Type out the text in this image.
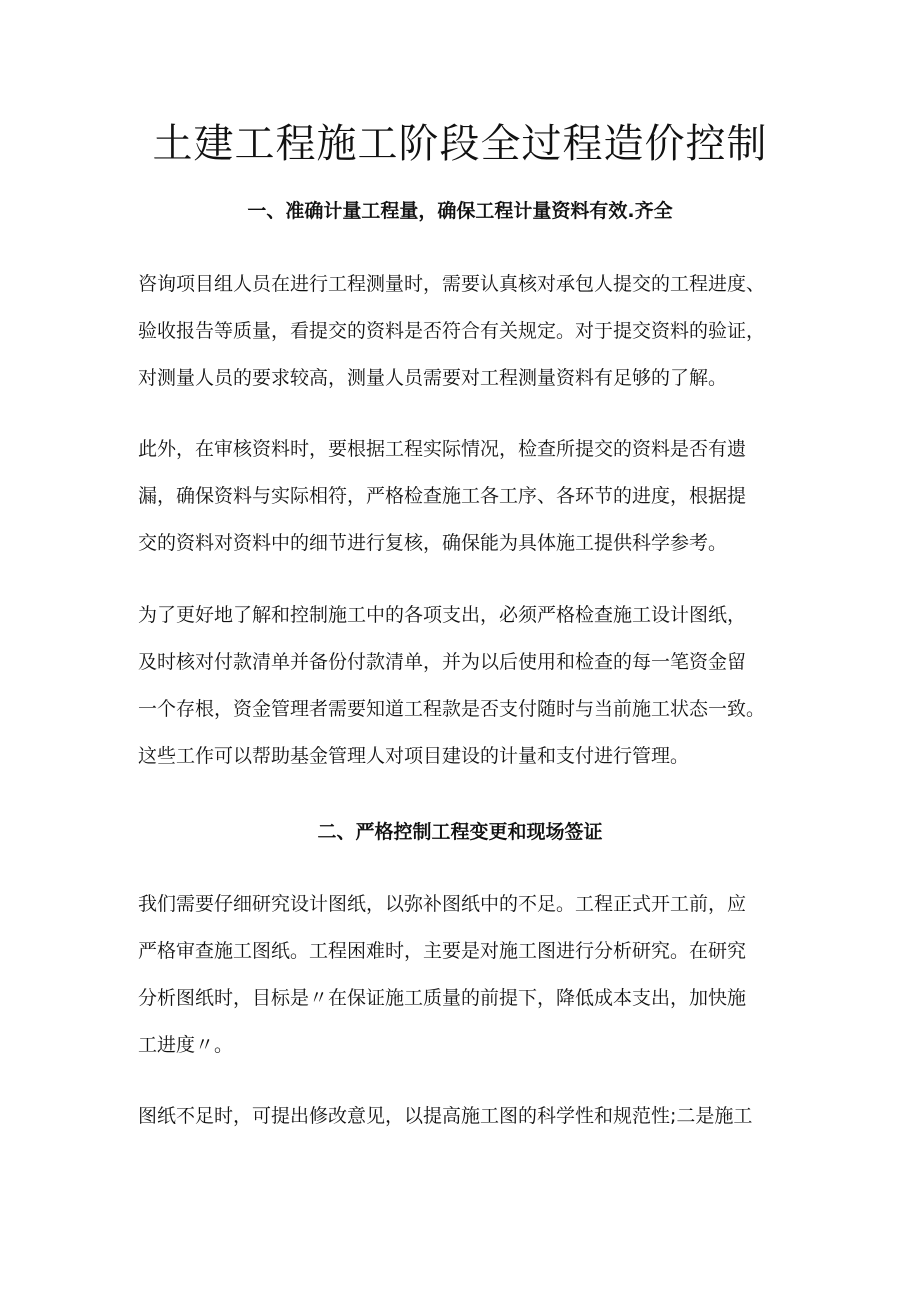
土建工程施工阶段全过程造价控制
一、准确计量工程量，确保工程计量资料有效.齐全

咨询项目组人员在进行工程测量时，需要认真核对承包人提交的工程进度、
验收报告等质量，看提交的资料是否符合有关规定。对于提交资料的验证，
对测量人员的要求较高，测量人员需要对工程测量资料有足够的了解。

此外，在审核资料时，要根据工程实际情况，检查所提交的资料是否有遗
漏，确保资料与实际相符，严格检查施工各工序、各环节的进度，根据提
交的资料对资料中的细节进行复核，确保能为具体施工提供科学参考。

为了更好地了解和控制施工中的各项支出，必须严格检查施工设计图纸，
及时核对付款清单并备份付款清单，并为以后使用和检查的每一笔资金留
一个存根，资金管理者需要知道工程款是否支付随时与当前施工状态一致。
这些工作可以帮助基金管理人对项目建设的计量和支付进行管理。

二、严格控制工程变更和现场签证

我们需要仔细研究设计图纸，以弥补图纸中的不足。工程正式开工前，应
严格审查施工图纸。工程困难时，主要是对施工图进行分析研究。在研究
分析图纸时，目标是〃在保证施工质量的前提下，降低成本支出，加快施
工进度〃。

图纸不足时，可提出修改意见，以提高施工图的科学性和规范性;二是施工
